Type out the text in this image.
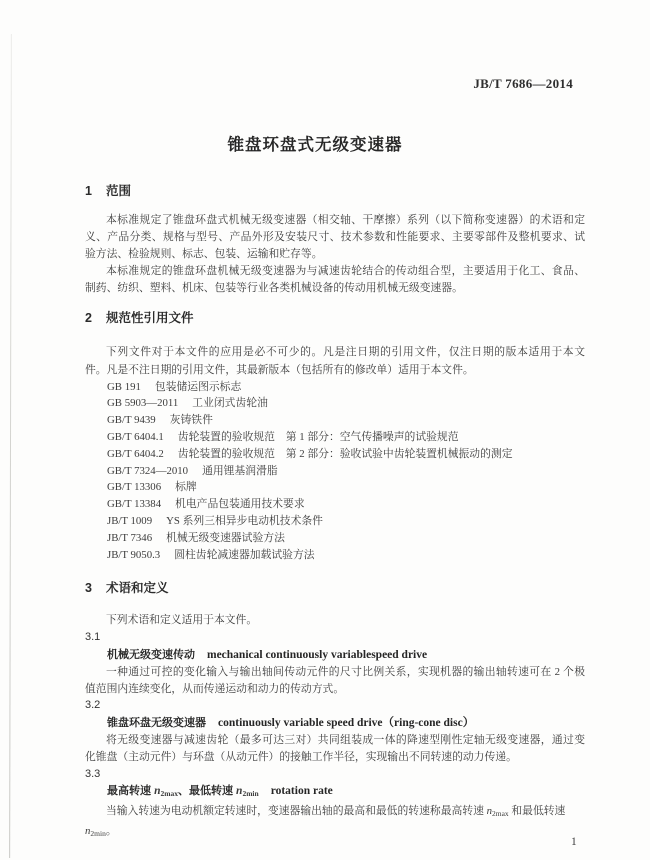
JB/T 7686—2014
锥盘环盘式无级变速器
1 范围
本标准规定了锥盘环盘式机械无级变速器（相交轴、干摩擦）系列（以下简称变速器）的术语和定
义、产品分类、规格与型号、产品外形及安装尺寸、技术参数和性能要求、主要零部件及整机要求、试
验方法、检验规则、标志、包装、运输和贮存等。
本标准规定的锥盘环盘机械无级变速器为与减速齿轮结合的传动组合型，主要适用于化工、食品、
制药、纺织、塑料、机床、包装等行业各类机械设备的传动用机械无级变速器。
2 规范性引用文件
下列文件对于本文件的应用是必不可少的。凡是注日期的引用文件，仅注日期的版本适用于本文
件。凡是不注日期的引用文件，其最新版本（包括所有的修改单）适用于本文件。
GB 191 包装储运图示标志
GB 5903—2011 工业闭式齿轮油
GB/T 9439 灰铸铁件
GB/T 6404.1 齿轮装置的验收规范　第 1 部分：空气传播噪声的试验规范
GB/T 6404.2 齿轮装置的验收规范　第 2 部分：验收试验中齿轮装置机械振动的测定
GB/T 7324—2010 通用锂基润滑脂
GB/T 13306 标牌
GB/T 13384 机电产品包装通用技术要求
JB/T 1009 YS 系列三相异步电动机技术条件
JB/T 7346 机械无级变速器试验方法
JB/T 9050.3 圆柱齿轮减速器加载试验方法
3 术语和定义
下列术语和定义适用于本文件。
3.1
机械无级变速传动 mechanical continuously variablespeed drive
一种通过可控的变化输入与输出轴间传动元件的尺寸比例关系，实现机器的输出轴转速可在 2 个极
值范围内连续变化，从而传递运动和动力的传动方式。
3.2
锥盘环盘无级变速器 continuously variable speed drive（ring-cone disc）
将无级变速器与减速齿轮（最多可达三对）共同组装成一体的降速型刚性定轴无级变速器，通过变
化锥盘（主动元件）与环盘（从动元件）的接触工作半径，实现输出不同转速的动力传递。
3.3
最高转速 $n_{2max}$、最低转速 $n_{2min}$ rotation rate
当输入转速为电动机额定转速时，变速器输出轴的最高和最低的转速称最高转速 $n_{2max}$ 和最低转速
$n_{2min}$。
1
